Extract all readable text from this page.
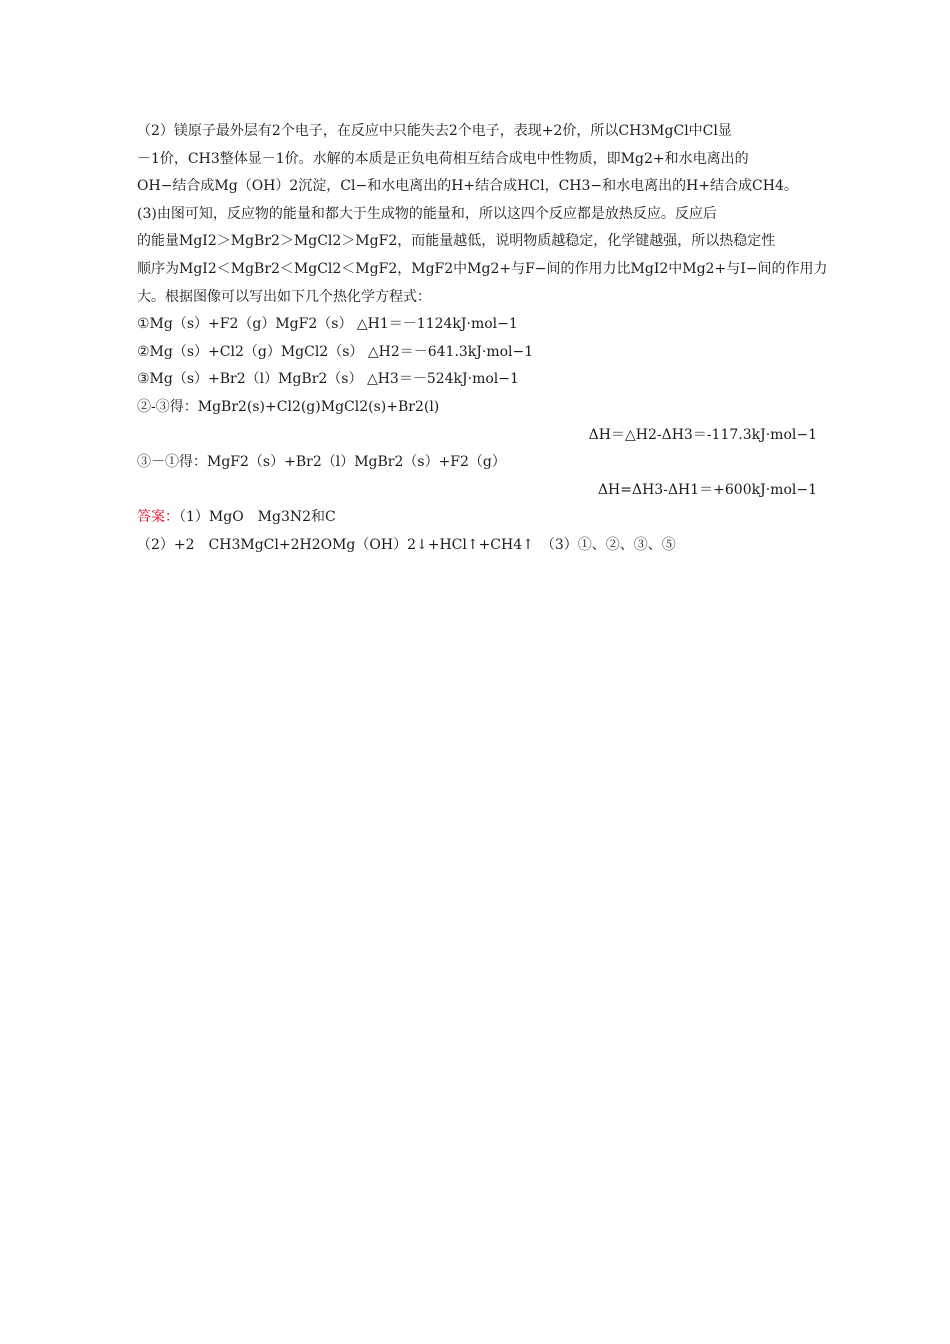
（2）镁原子最外层有2个电子，在反应中只能失去2个电子，表现+2价，所以CH3MgCl中Cl显
－1价，CH3整体显－1价。水解的本质是正负电荷相互结合成电中性物质，即Mg2+和水电离出的
OH−结合成Mg（OH）2沉淀，Cl−和水电离出的H+结合成HCl，CH3−和水电离出的H+结合成CH4。
(3)由图可知，反应物的能量和都大于生成物的能量和，所以这四个反应都是放热反应。反应后
的能量MgI2＞MgBr2＞MgCl2＞MgF2，而能量越低，说明物质越稳定，化学键越强，所以热稳定性
顺序为MgI2＜MgBr2＜MgCl2＜MgF2，MgF2中Mg2+与F−间的作用力比MgI2中Mg2+与I−间的作用力
大。根据图像可以写出如下几个热化学方程式：
①Mg（s）+F2（g）MgF2（s） △H1＝－1124kJ·mol−1
②Mg（s）+Cl2（g）MgCl2（s） △H2＝－641.3kJ·mol−1
③Mg（s）+Br2（l）MgBr2（s） △H3＝－524kJ·mol−1
②-③得：MgBr2(s)+Cl2(g)MgCl2(s)+Br2(l)
ΔH＝△H2-ΔH3＝-117.3kJ·mol−1
③－①得：MgF2（s）+Br2（l）MgBr2（s）+F2（g）
ΔH=ΔH3-ΔH1＝+600kJ·mol−1
答案：（1）MgO　Mg3N2和C
（2）+2　CH3MgCl+2H2OMg（OH）2↓+HCl↑+CH4↑　（3）①、②、③、⑤
